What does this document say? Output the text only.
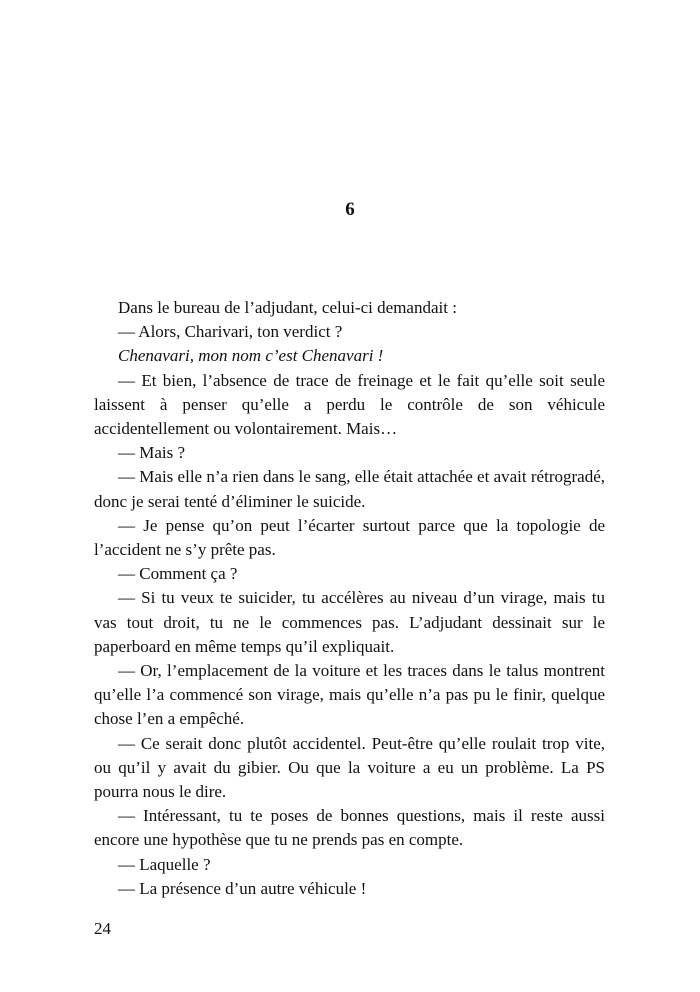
6

Dans le bureau de l’adjudant, celui-ci demandait :

— Alors, Charivari, ton verdict ?

Chenavari, mon nom c’est Chenavari !

— Et bien, l’absence de trace de freinage et le fait qu’elle soit seule laissent à penser qu’elle a perdu le contrôle de son véhicule accidentellement ou volontairement. Mais…

— Mais ?

— Mais elle n’a rien dans le sang, elle était attachée et avait rétrogradé, donc je serai tenté d’éliminer le suicide.

— Je pense qu’on peut l’écarter surtout parce que la topologie de l’accident ne s’y prête pas.

— Comment ça ?

— Si tu veux te suicider, tu accélères au niveau d’un virage, mais tu vas tout droit, tu ne le commences pas. L’adjudant dessinait sur le paperboard en même temps qu’il expliquait.

— Or, l’emplacement de la voiture et les traces dans le talus montrent qu’elle l’a commencé son virage, mais qu’elle n’a pas pu le finir, quelque chose l’en a empêché.

— Ce serait donc plutôt accidentel. Peut-être qu’elle roulait trop vite, ou qu’il y avait du gibier. Ou que la voiture a eu un problème. La PS pourra nous le dire.

— Intéressant, tu te poses de bonnes questions, mais il reste aussi encore une hypothèse que tu ne prends pas en compte.

— Laquelle ?

— La présence d’un autre véhicule !

24
